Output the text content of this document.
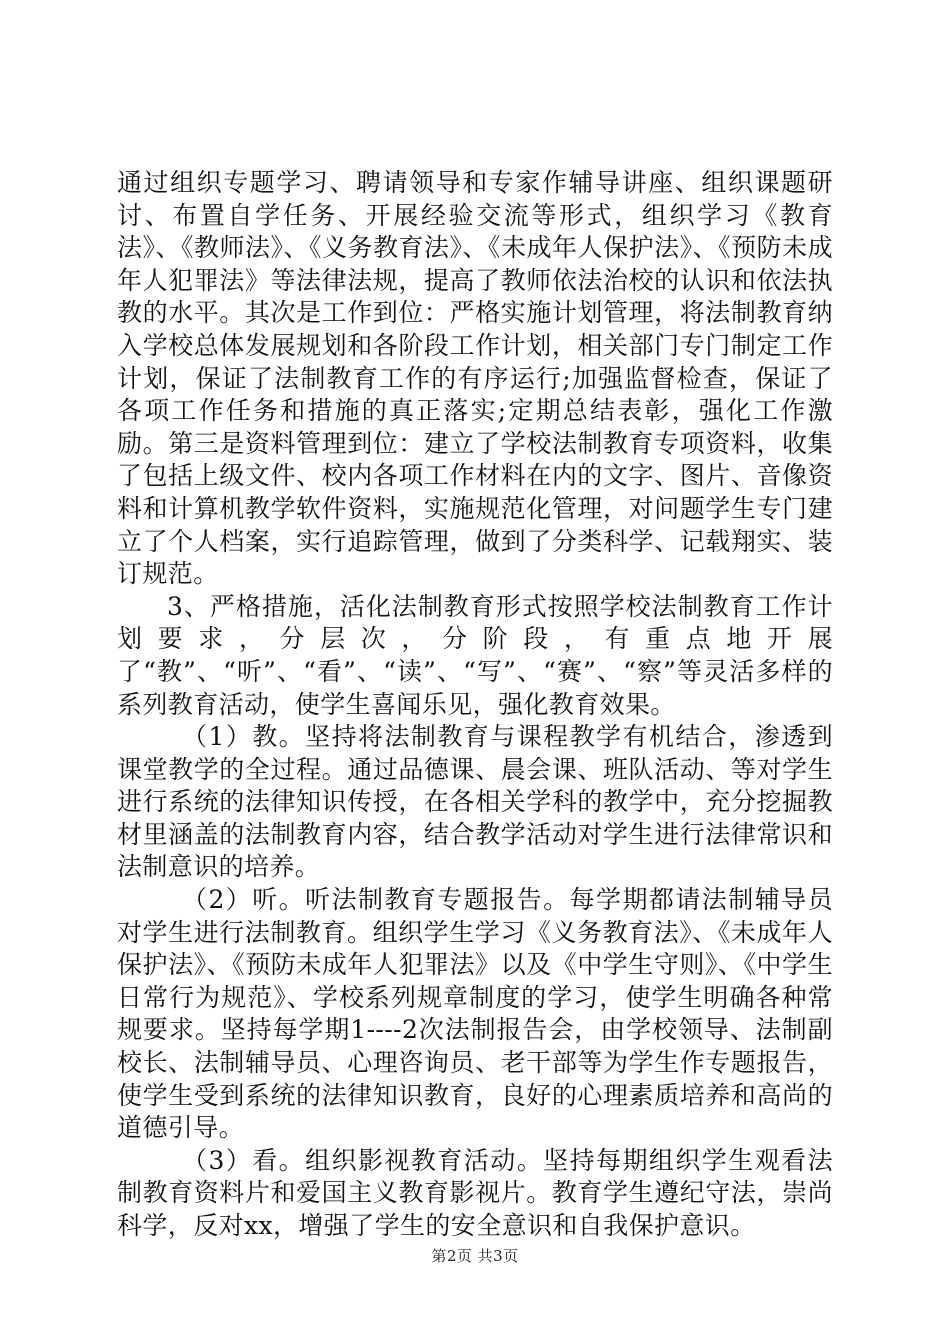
通过组织专题学习、聘请领导和专家作辅导讲座、组织课题研讨、布置自学任务、开展经验交流等形式，组织学习《教育法》、《教师法》、《义务教育法》、《未成年人保护法》、《预防未成年人犯罪法》等法律法规，提高了教师依法治校的认识和依法执教的水平。其次是工作到位：严格实施计划管理，将法制教育纳入学校总体发展规划和各阶段工作计划，相关部门专门制定工作计划，保证了法制教育工作的有序运行;加强监督检查，保证了各项工作任务和措施的真正落实;定期总结表彰，强化工作激励。第三是资料管理到位：建立了学校法制教育专项资料，收集了包括上级文件、校内各项工作材料在内的文字、图片、音像资料和计算机教学软件资料，实施规范化管理，对问题学生专门建立了个人档案，实行追踪管理，做到了分类科学、记载翔实、装订规范。

3、严格措施，活化法制教育形式按照学校法制教育工作计划要求，分层次，分阶段，有重点地开展了“教”、“听”、“看”、“读”、“写”、“赛”、“察”等灵活多样的系列教育活动，使学生喜闻乐见，强化教育效果。

（1）教。坚持将法制教育与课程教学有机结合，渗透到课堂教学的全过程。通过品德课、晨会课、班队活动、等对学生进行系统的法律知识传授，在各相关学科的教学中，充分挖掘教材里涵盖的法制教育内容，结合教学活动对学生进行法律常识和法制意识的培养。

（2）听。听法制教育专题报告。每学期都请法制辅导员对学生进行法制教育。组织学生学习《义务教育法》、《未成年人保护法》、《预防未成年人犯罪法》以及《中学生守则》、《中学生日常行为规范》、学校系列规章制度的学习，使学生明确各种常规要求。坚持每学期1----2次法制报告会，由学校领导、法制副校长、法制辅导员、心理咨询员、老干部等为学生作专题报告，使学生受到系统的法律知识教育，良好的心理素质培养和高尚的道德引导。

（3）看。组织影视教育活动。坚持每期组织学生观看法制教育资料片和爱国主义教育影视片。教育学生遵纪守法，崇尚科学，反对xx，增强了学生的安全意识和自我保护意识。

第2页 共3页
